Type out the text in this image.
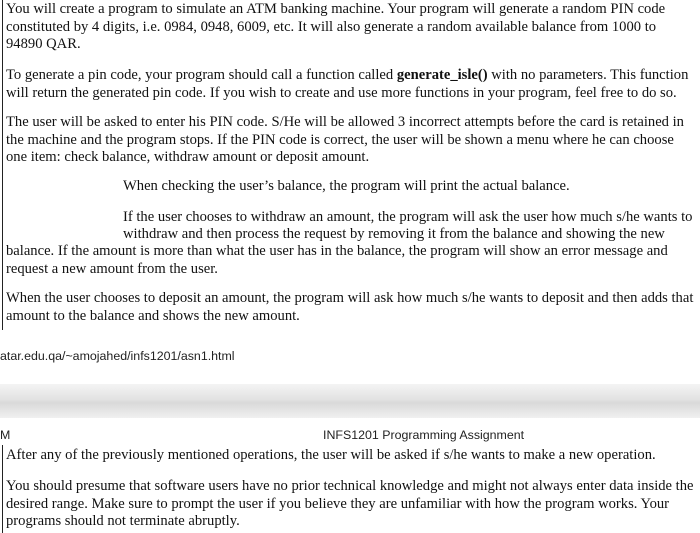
You will create a program to simulate an ATM banking machine. Your program will generate a random PIN code constituted by 4 digits, i.e. 0984, 0948, 6009, etc. It will also generate a random available balance from 1000 to 94890 QAR.

To generate a pin code, your program should call a function called generate_isle() with no parameters. This function will return the generated pin code. If you wish to create and use more functions in your program, feel free to do so.

The user will be asked to enter his PIN code. S/He will be allowed 3 incorrect attempts before the card is retained in the machine and the program stops. If the PIN code is correct, the user will be shown a menu where he can choose one item: check balance, withdraw amount or deposit amount.

When checking the user’s balance, the program will print the actual balance.

If the user chooses to withdraw an amount, the program will ask the user how much s/he wants to

withdraw and then process the request by removing it from the balance and showing the new

balance. If the amount is more than what the user has in the balance, the program will show an error message and request a new amount from the user.

When the user chooses to deposit an amount, the program will ask how much s/he wants to deposit and then adds that amount to the balance and shows the new amount.

atar.edu.qa/~amojahed/infs1201/asn1.html
M	INFS1201 Programming Assignment

After any of the previously mentioned operations, the user will be asked if s/he wants to make a new operation.

You should presume that software users have no prior technical knowledge and might not always enter data inside the desired range. Make sure to prompt the user if you believe they are unfamiliar with how the program works. Your programs should not terminate abruptly.
